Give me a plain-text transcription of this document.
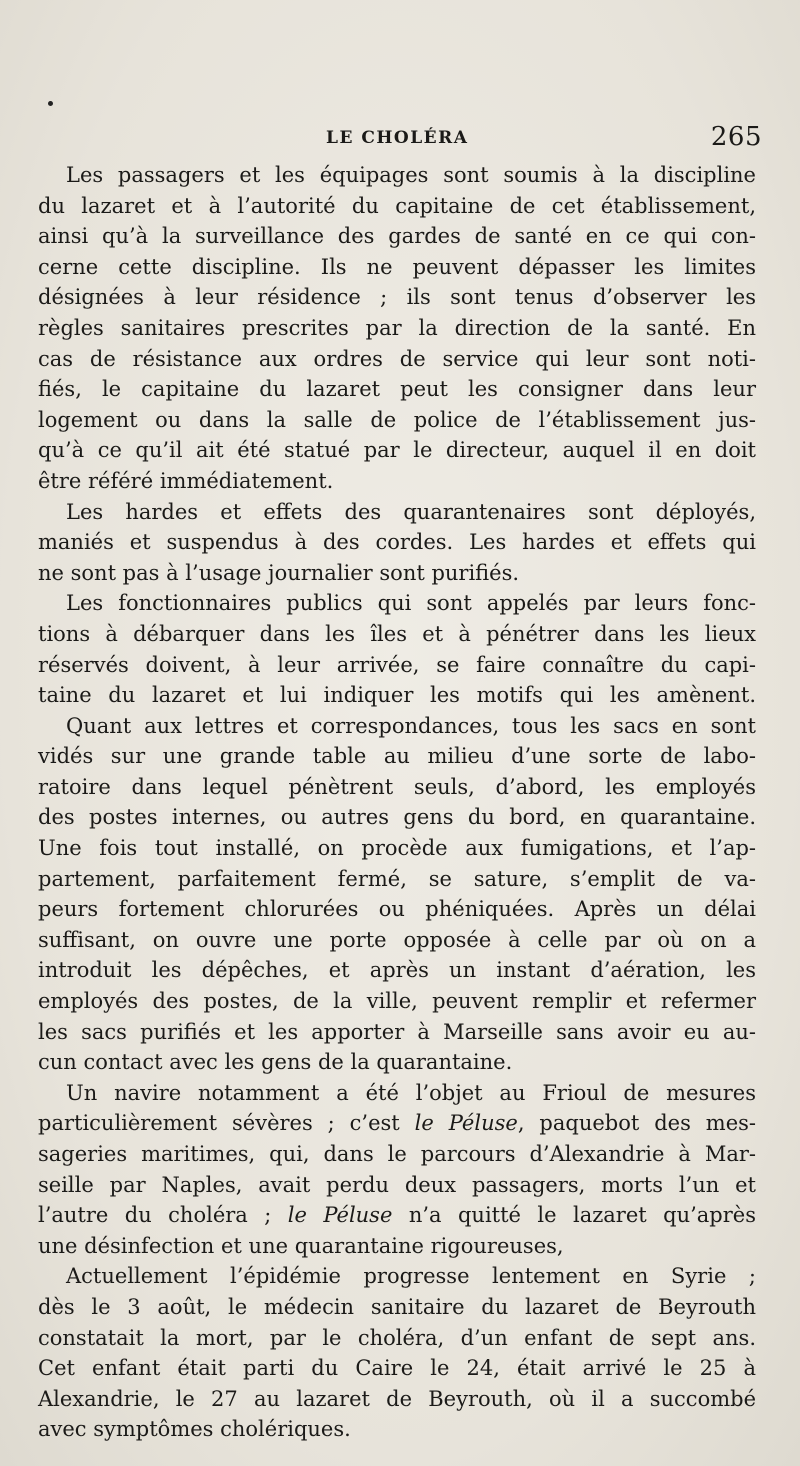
LE CHOLÉRA	265
Les passagers et les équipages sont soumis à la discipline
du lazaret et à l’autorité du capitaine de cet établissement,
ainsi qu’à la surveillance des gardes de santé en ce qui con-
cerne cette discipline. Ils ne peuvent dépasser les limites
désignées à leur résidence ; ils sont tenus d’observer les
règles sanitaires prescrites par la direction de la santé. En
cas de résistance aux ordres de service qui leur sont noti-
fiés, le capitaine du lazaret peut les consigner dans leur
logement ou dans la salle de police de l’établissement jus-
qu’à ce qu’il ait été statué par le directeur, auquel il en doit
être référé immédiatement.
Les hardes et effets des quarantenaires sont déployés,
maniés et suspendus à des cordes. Les hardes et effets qui
ne sont pas à l’usage journalier sont purifiés.
Les fonctionnaires publics qui sont appelés par leurs fonc-
tions à débarquer dans les îles et à pénétrer dans les lieux
réservés doivent, à leur arrivée, se faire connaître du capi-
taine du lazaret et lui indiquer les motifs qui les amènent.
Quant aux lettres et correspondances, tous les sacs en sont
vidés sur une grande table au milieu d’une sorte de labo-
ratoire dans lequel pénètrent seuls, d’abord, les employés
des postes internes, ou autres gens du bord, en quarantaine.
Une fois tout installé, on procède aux fumigations, et l’ap-
partement, parfaitement fermé, se sature, s’emplit de va-
peurs fortement chlorurées ou phéniquées. Après un délai
suffisant, on ouvre une porte opposée à celle par où on a
introduit les dépêches, et après un instant d’aération, les
employés des postes, de la ville, peuvent remplir et refermer
les sacs purifiés et les apporter à Marseille sans avoir eu au-
cun contact avec les gens de la quarantaine.
Un navire notamment a été l’objet au Frioul de mesures
particulièrement sévères ; c’est le Péluse, paquebot des mes-
sageries maritimes, qui, dans le parcours d’Alexandrie à Mar-
seille par Naples, avait perdu deux passagers, morts l’un et
l’autre du choléra ; le Péluse n’a quitté le lazaret qu’après
une désinfection et une quarantaine rigoureuses,
Actuellement l’épidémie progresse lentement en Syrie ;
dès le 3 août, le médecin sanitaire du lazaret de Beyrouth
constatait la mort, par le choléra, d’un enfant de sept ans.
Cet enfant était parti du Caire le 24, était arrivé le 25 à
Alexandrie, le 27 au lazaret de Beyrouth, où il a succombé
avec symptômes cholériques.
